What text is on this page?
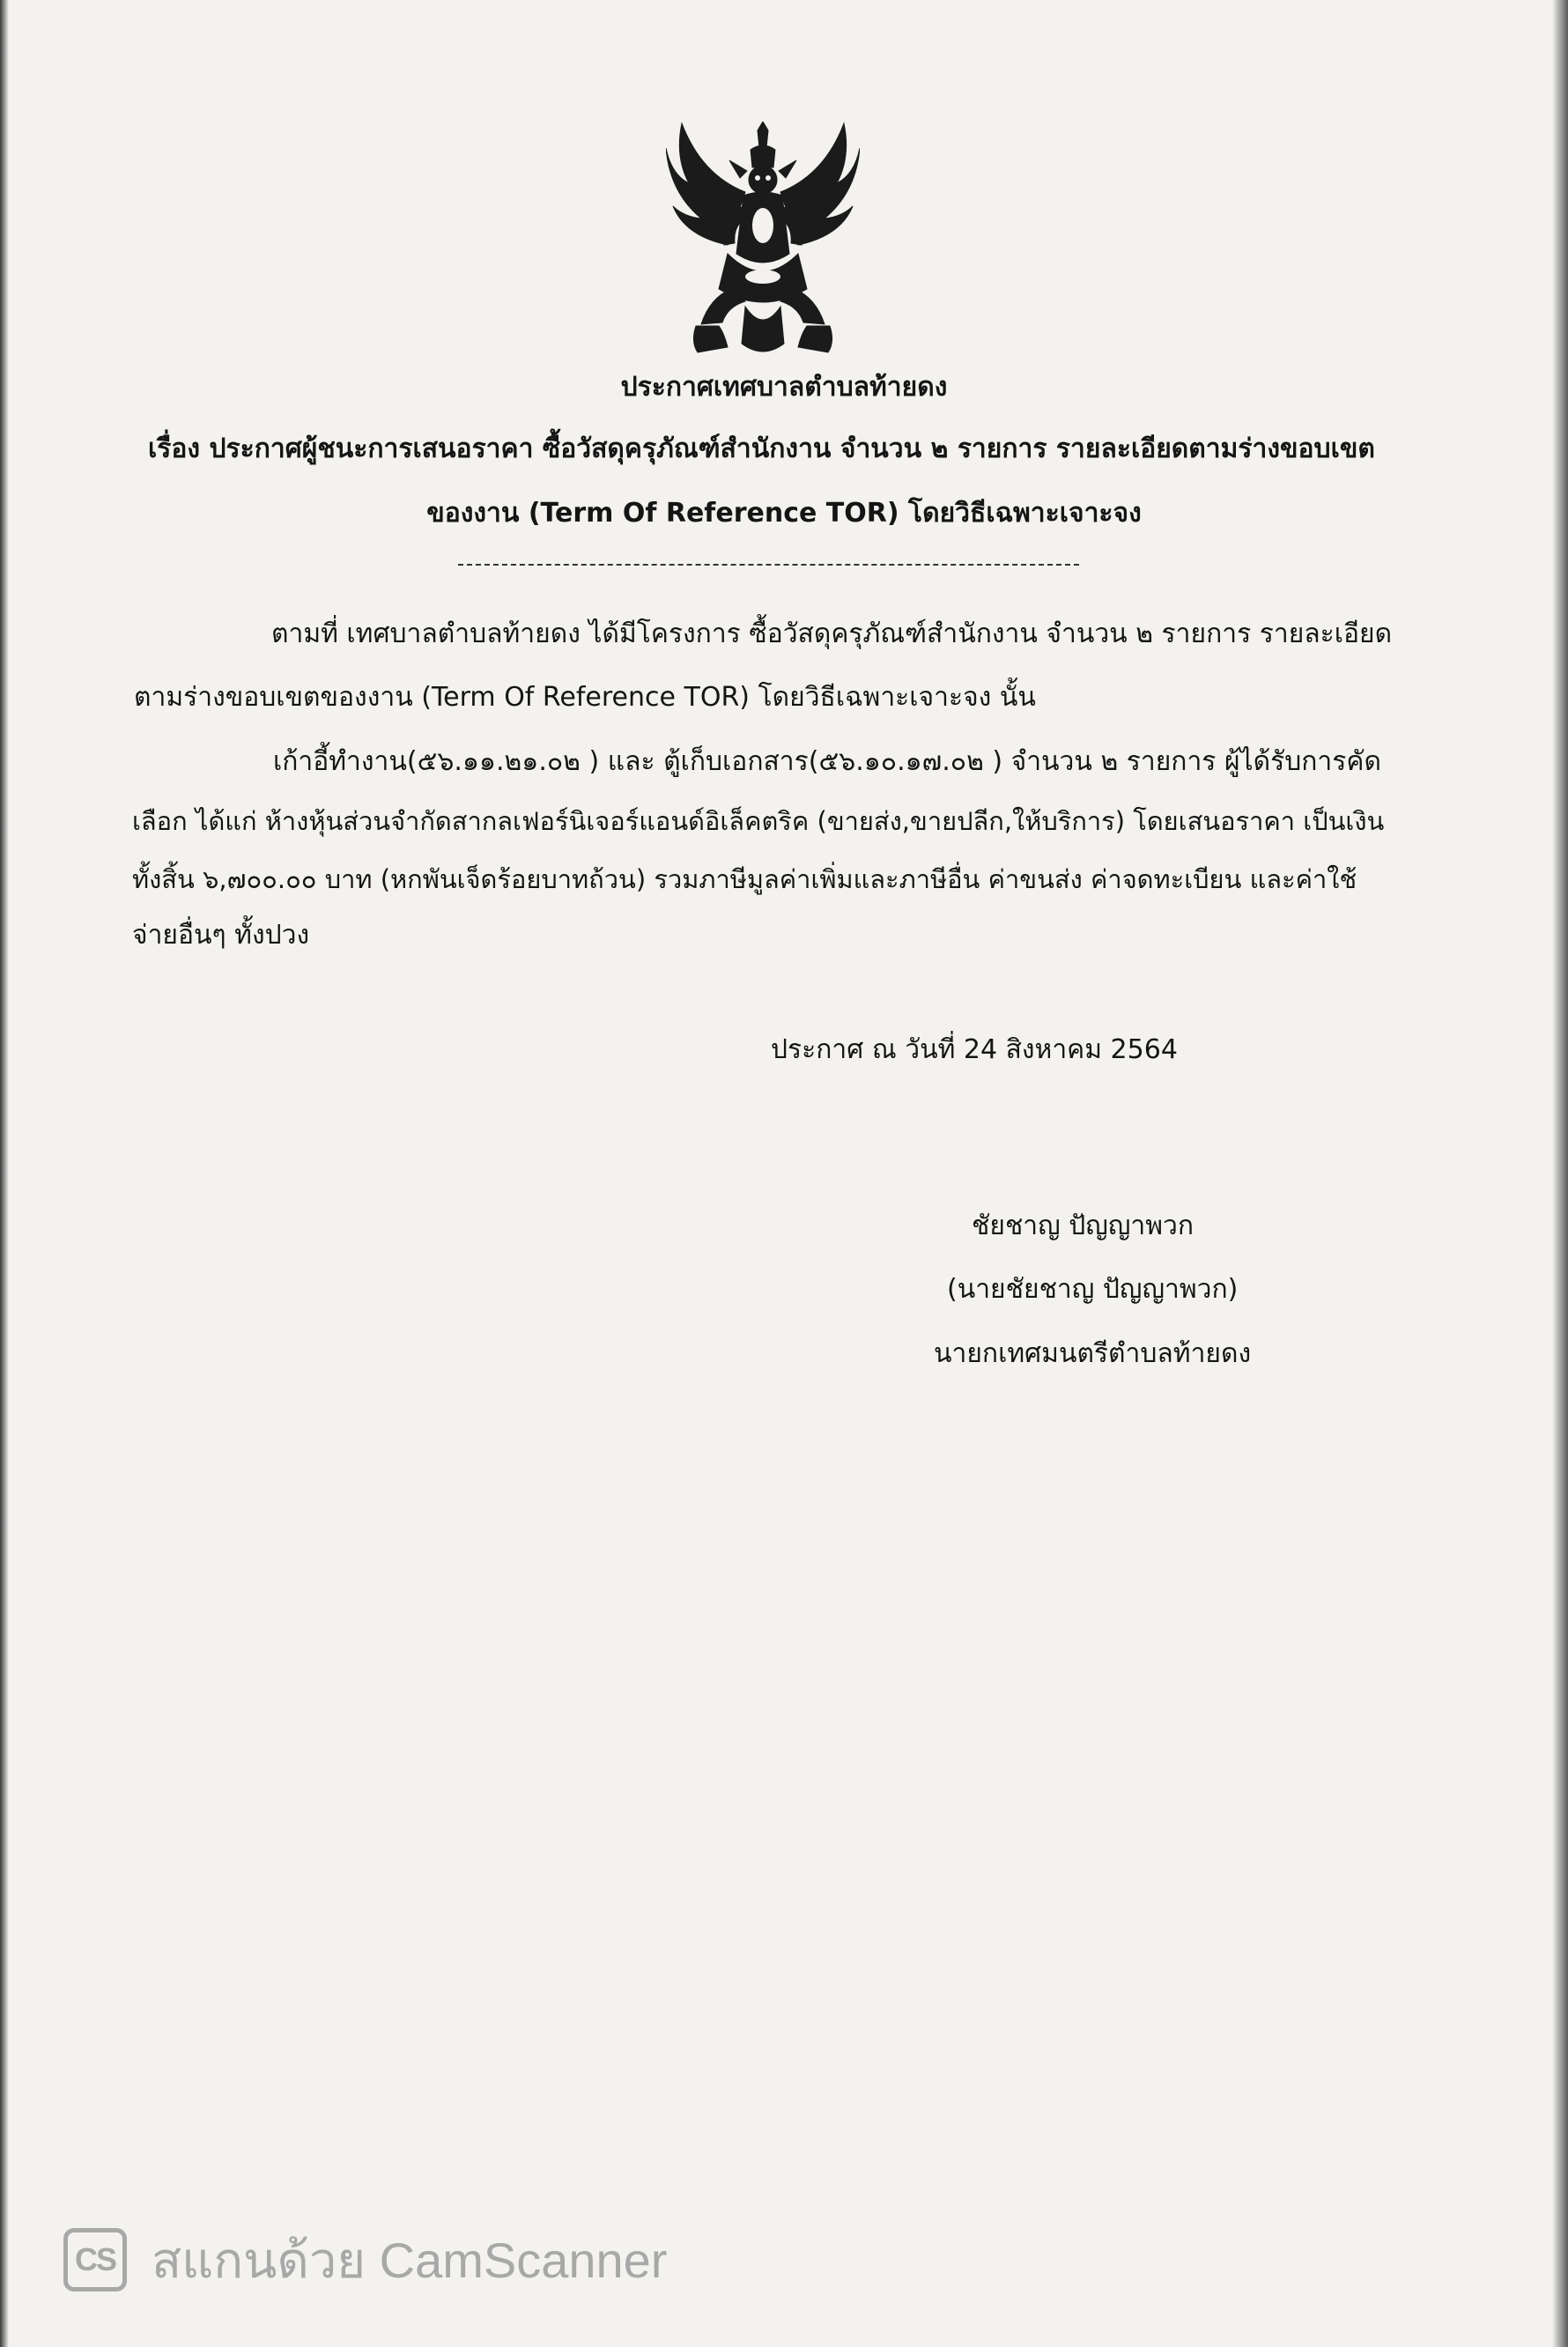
ประกาศเทศบาลตำบลท้ายดง
เรื่อง ประกาศผู้ชนะการเสนอราคา ซื้อวัสดุครุภัณฑ์สำนักงาน จำนวน ๒ รายการ รายละเอียดตามร่างขอบเขต
ของงาน (Term Of Reference TOR) โดยวิธีเฉพาะเจาะจง
ตามที่ เทศบาลตำบลท้ายดง ได้มีโครงการ ซื้อวัสดุครุภัณฑ์สำนักงาน จำนวน ๒ รายการ รายละเอียด
ตามร่างขอบเขตของงาน (Term Of Reference TOR) โดยวิธีเฉพาะเจาะจง นั้น
เก้าอี้ทำงาน(๕๖.๑๑.๒๑.๐๒ ) และ ตู้เก็บเอกสาร(๕๖.๑๐.๑๗.๐๒ ) จำนวน ๒ รายการ ผู้ได้รับการคัด
เลือก ได้แก่ ห้างหุ้นส่วนจำกัดสากลเฟอร์นิเจอร์แอนด์อิเล็คตริค (ขายส่ง,ขายปลีก,ให้บริการ) โดยเสนอราคา เป็นเงิน
ทั้งสิ้น ๖,๗๐๐.๐๐ บาท (หกพันเจ็ดร้อยบาทถ้วน) รวมภาษีมูลค่าเพิ่มและภาษีอื่น ค่าขนส่ง ค่าจดทะเบียน และค่าใช้
จ่ายอื่นๆ ทั้งปวง
ประกาศ ณ วันที่ 24 สิงหาคม 2564
ชัยชาญ ปัญญาพวก
(นายชัยชาญ ปัญญาพวก)
นายกเทศมนตรีตำบลท้ายดง
CS สแกนด้วย CamScanner
